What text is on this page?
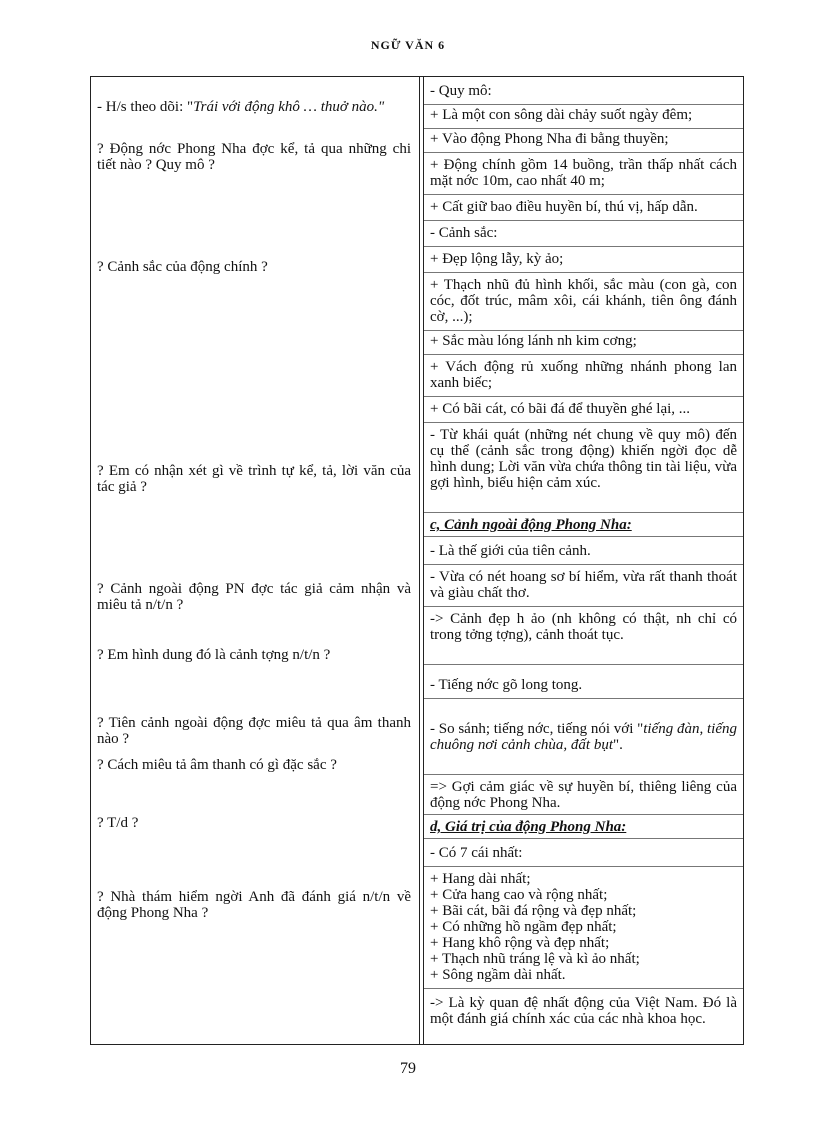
NGỮ VĂN 6
- H/s theo dõi: "Trái với động khô … thuở nào."
? Động nớc Phong Nha đợc kể, tả qua những chi tiết nào ? Quy mô ?
? Cảnh sắc của động chính ?
? Em có nhận xét gì về trình tự kể, tả, lời văn của tác giả ?
? Cảnh ngoài động PN đợc tác giả cảm nhận và miêu tả n/t/n ?
? Em hình dung đó là cảnh tợng n/t/n ?
? Tiên cảnh ngoài động đợc miêu tả qua âm thanh nào ?
? Cách miêu tả âm thanh có gì đặc sắc ?
? T/d ?
? Nhà thám hiểm ngời Anh đã đánh giá n/t/n về động Phong Nha ?
- Quy mô:
+ Là một con sông dài chảy suốt ngày đêm;
+ Vào động Phong Nha đi bằng thuyền;
+ Động chính gồm 14 buồng, trần thấp nhất cách mặt nớc 10m, cao nhất 40 m;
+ Cất giữ bao điều huyền bí, thú vị, hấp dẫn.
- Cảnh sắc:
+ Đẹp lộng lẫy, kỳ ảo;
+ Thạch nhũ đủ hình khối, sắc màu (con gà, con cóc, đốt trúc, mâm xôi, cái khánh, tiên ông đánh cờ, ...);
+ Sắc màu lóng lánh nh kim cơng;
+ Vách động rủ xuống những nhánh phong lan xanh biếc;
+ Có bãi cát, có bãi đá để thuyền ghé lại, ...
- Từ khái quát (những nét chung về quy mô) đến cụ thể (cảnh sắc trong động) khiến ngời đọc dễ hình dung; Lời văn vừa chứa thông tin tài liệu, vừa gợi hình, biểu hiện cảm xúc.
c, Cảnh ngoài động Phong Nha:
- Là thế giới của tiên cảnh.
- Vừa có nét hoang sơ bí hiểm, vừa rất thanh thoát và giàu chất thơ.
-> Cảnh đẹp h ảo (nh không có thật, nh chỉ có trong tởng tợng), cảnh thoát tục.
- Tiếng nớc gõ long tong.
- So sánh; tiếng nớc, tiếng nói với "tiếng đàn, tiếng chuông nơi cảnh chùa, đất bụt".
=> Gợi cảm giác về sự huyền bí, thiêng liêng của động nớc Phong Nha.
d, Giá trị của động Phong Nha:
- Có 7 cái nhất:
+ Hang dài nhất;
+ Cửa hang cao và rộng nhất;
+ Bãi cát, bãi đá rộng và đẹp nhất;
+ Có những hồ ngầm đẹp nhất;
+ Hang khô rộng và đẹp nhất;
+ Thạch nhũ tráng lệ và kì ảo nhất;
+ Sông ngầm dài nhất.
-> Là kỳ quan đệ nhất động của Việt Nam. Đó là một đánh giá chính xác của các nhà khoa học.
79
